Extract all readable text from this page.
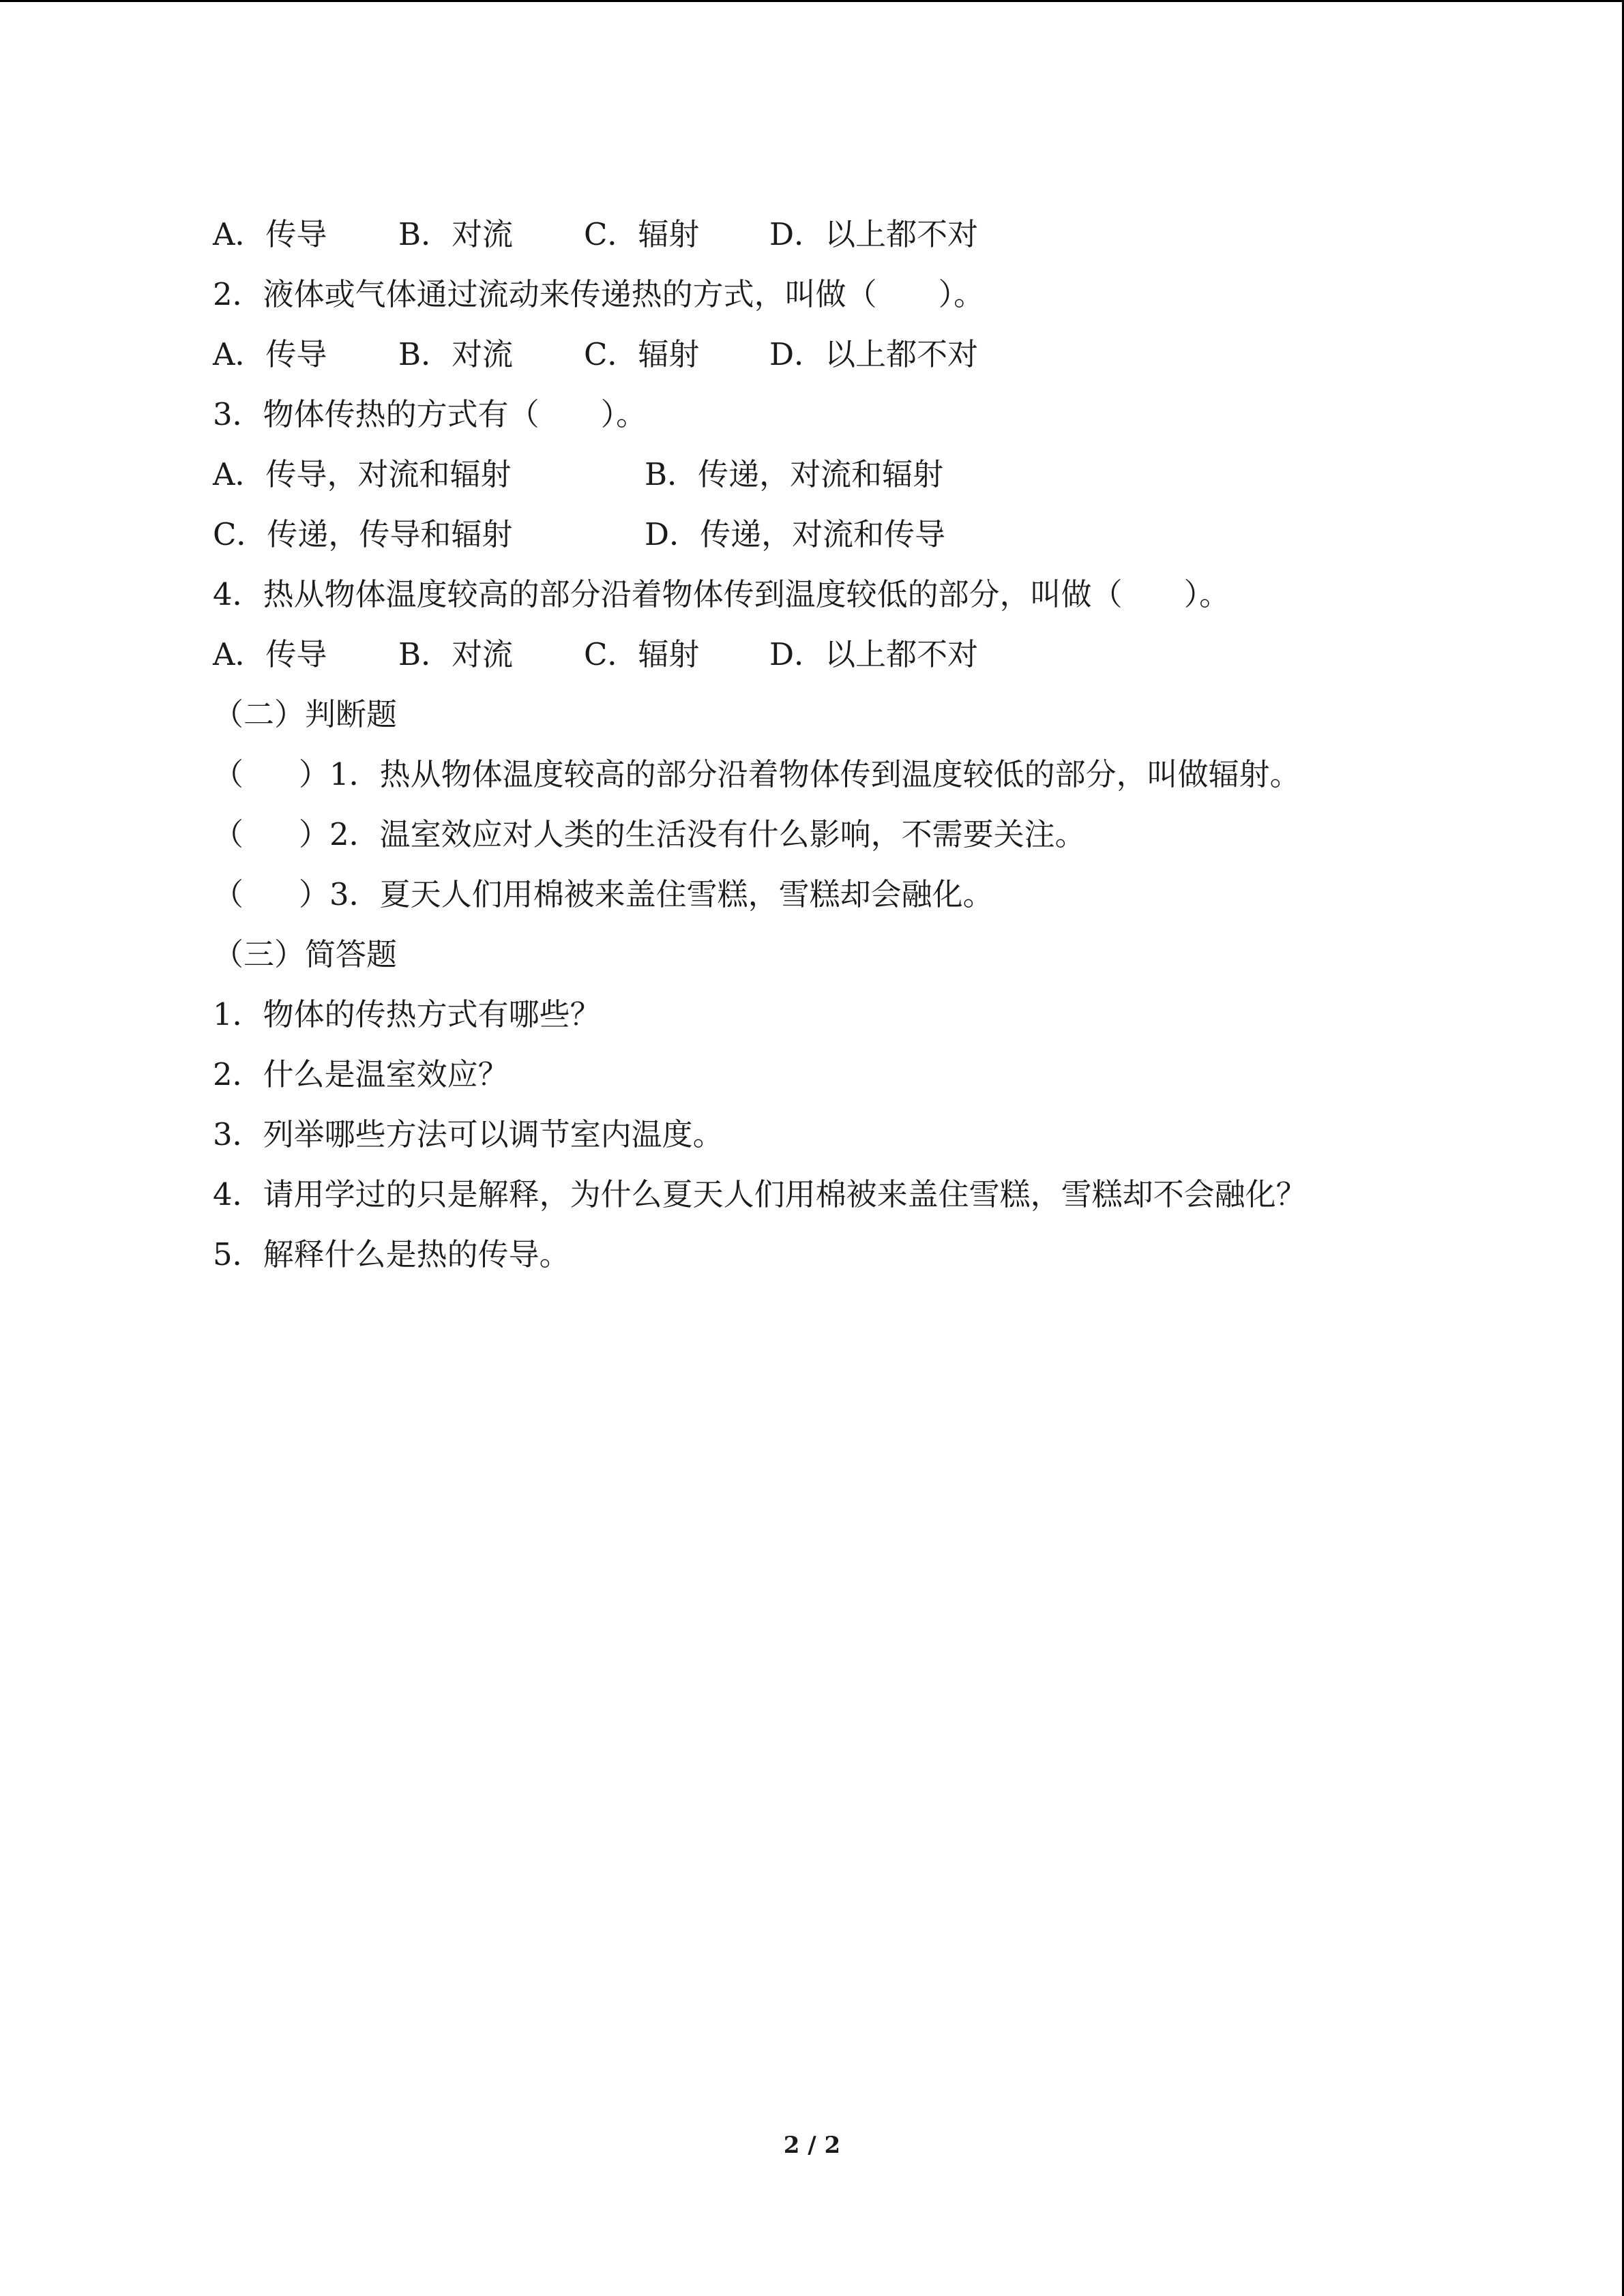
A．传导 B．对流 C．辐射 D．以上都不对
2．液体或气体通过流动来传递热的方式，叫做（　　）。
A．传导 B．对流 C．辐射 D．以上都不对
3．物体传热的方式有（　　）。
A．传导，对流和辐射	B．传递，对流和辐射
C．传递，传导和辐射	D．传递，对流和传导
4．热从物体温度较高的部分沿着物体传到温度较低的部分，叫做（　　）。
A．传导 B．对流 C．辐射 D．以上都不对
（二）判断题
（ ）1．热从物体温度较高的部分沿着物体传到温度较低的部分，叫做辐射。
（ ）2．温室效应对人类的生活没有什么影响，不需要关注。
（ ）3．夏天人们用棉被来盖住雪糕，雪糕却会融化。
（三）简答题
1．物体的传热方式有哪些？
2．什么是温室效应？
3．列举哪些方法可以调节室内温度。
4．请用学过的只是解释，为什么夏天人们用棉被来盖住雪糕，雪糕却不会融化？
5．解释什么是热的传导。
2 / 2
